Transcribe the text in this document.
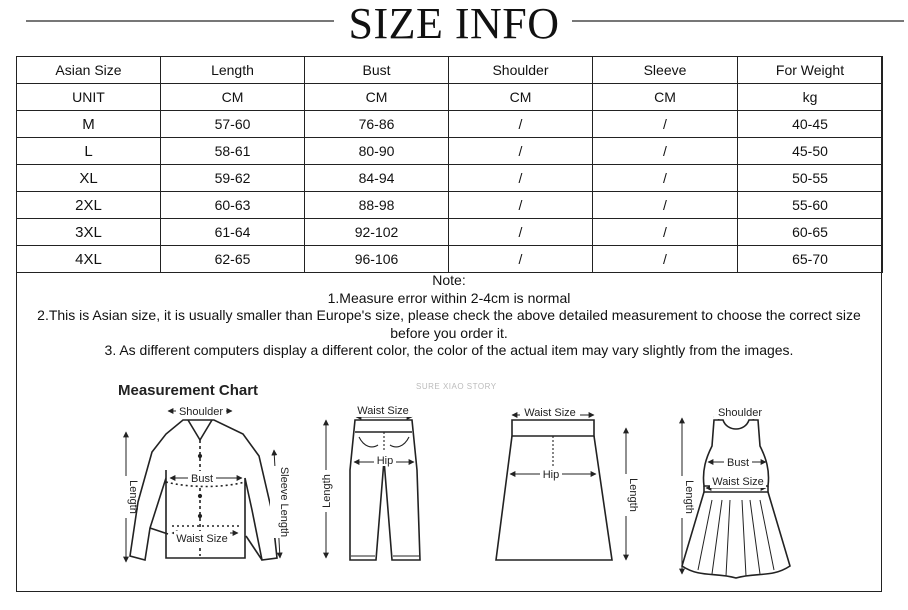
SIZE INFO
Asian Size	Length	Bust	Shoulder	Sleeve	For Weight
UNIT	CM	CM	CM	CM	kg
M	57-60	76-86	/	/	40-45
L	58-61	80-90	/	/	45-50
XL	59-62	84-94	/	/	50-55
2XL	60-63	88-98	/	/	55-60
3XL	61-64	92-102	/	/	60-65
4XL	62-65	96-106	/	/	65-70
Note:
1.Measure error within 2-4cm is normal
2.This is Asian size, it is usually smaller than Europe's size, please check the above detailed measurement to choose the correct size
before you order it.
3. As different computers display a different color, the color of the actual item may vary slightly from the images.
Measurement Chart	SURE XIAO STORY
Shoulder
Bust
Waist Size
Length	Sleeve Length
Waist Size
Hip
Length
Waist Size
Hip
Length
Shoulder
Bust
Waist Size
Length
